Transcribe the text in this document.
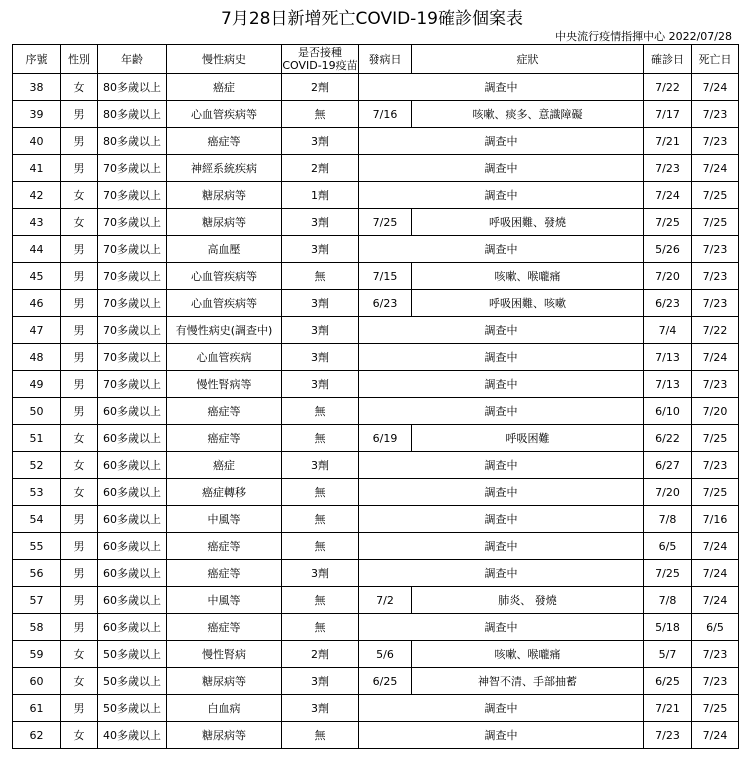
7月28日新增死亡COVID-19確診個案表
中央流行疫情指揮中心 2022/07/28
序號	性別	年齡	慢性病史	是否接種
COVID-19疫苗	發病日	症狀	確診日	死亡日
38	女	80多歲以上	癌症	2劑	調查中		7/22	7/24
39	男	80多歲以上	心血管疾病等	無	7/16	咳嗽、痰多、意識障礙	7/17	7/23
40	男	80多歲以上	癌症等	3劑	調查中		7/21	7/23
41	男	70多歲以上	神經系統疾病	2劑	調查中		7/23	7/24
42	女	70多歲以上	糖尿病等	1劑	調查中		7/24	7/25
43	女	70多歲以上	糖尿病等	3劑	7/25	呼吸困難、發燒	7/25	7/25
44	男	70多歲以上	高血壓	3劑	調查中		5/26	7/23
45	男	70多歲以上	心血管疾病等	無	7/15	咳嗽、喉嚨痛	7/20	7/23
46	男	70多歲以上	心血管疾病等	3劑	6/23	呼吸困難、咳嗽	6/23	7/23
47	男	70多歲以上	有慢性病史(調查中)	3劑	調查中		7/4	7/22
48	男	70多歲以上	心血管疾病	3劑	調查中		7/13	7/24
49	男	70多歲以上	慢性腎病等	3劑	調查中		7/13	7/23
50	男	60多歲以上	癌症等	無	調查中		6/10	7/20
51	女	60多歲以上	癌症等	無	6/19	呼吸困難	6/22	7/25
52	女	60多歲以上	癌症	3劑	調查中		6/27	7/23
53	女	60多歲以上	癌症轉移	無	調查中		7/20	7/25
54	男	60多歲以上	中風等	無	調查中		7/8	7/16
55	男	60多歲以上	癌症等	無	調查中		6/5	7/24
56	男	60多歲以上	癌症等	3劑	調查中		7/25	7/24
57	男	60多歲以上	中風等	無	7/2	肺炎、 發燒	7/8	7/24
58	男	60多歲以上	癌症等	無	調查中		5/18	6/5
59	女	50多歲以上	慢性腎病	2劑	5/6	咳嗽、喉嚨痛	5/7	7/23
60	女	50多歲以上	糖尿病等	3劑	6/25	神智不清、手部抽蓄	6/25	7/23
61	男	50多歲以上	白血病	3劑	調查中		7/21	7/25
62	女	40多歲以上	糖尿病等	無	調查中		7/23	7/24
